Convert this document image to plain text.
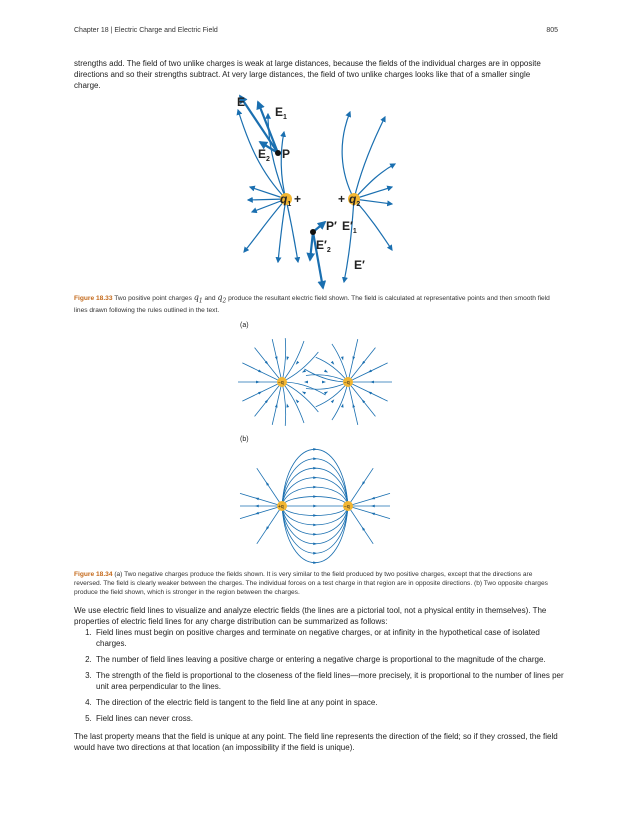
Chapter 18 | Electric Charge and Electric Field	805
strengths add. The field of two unlike charges is weak at large distances, because the fields of the individual charges are in opposite directions and so their strengths subtract. At very large distances, the field of two unlike charges looks like that of a smaller single charge.
E
$E_1$
$E_2$ P
$q_1$ +	+ $q_2$
P′ $E'_1$
$E'_2$
E′
Figure 18.33 Two positive point charges $q_1$ and $q_2$ produce the resultant electric field shown. The field is calculated at representative points and then smooth field lines drawn following the rules outlined in the text.
(a)
−q	−q
(b)
+q	−q
Figure 18.34 (a) Two negative charges produce the fields shown. It is very similar to the field produced by two positive charges, except that the directions are reversed. The field is clearly weaker between the charges. The individual forces on a test charge in that region are in opposite directions. (b) Two opposite charges produce the field shown, which is stronger in the region between the charges.
We use electric field lines to visualize and analyze electric fields (the lines are a pictorial tool, not a physical entity in themselves). The properties of electric field lines for any charge distribution can be summarized as follows:
1. Field lines must begin on positive charges and terminate on negative charges, or at infinity in the hypothetical case of isolated charges.
2. The number of field lines leaving a positive charge or entering a negative charge is proportional to the magnitude of the charge.
3. The strength of the field is proportional to the closeness of the field lines—more precisely, it is proportional to the number of lines per unit area perpendicular to the lines.
4. The direction of the electric field is tangent to the field line at any point in space.
5. Field lines can never cross.
The last property means that the field is unique at any point. The field line represents the direction of the field; so if they crossed, the field would have two directions at that location (an impossibility if the field is unique).
